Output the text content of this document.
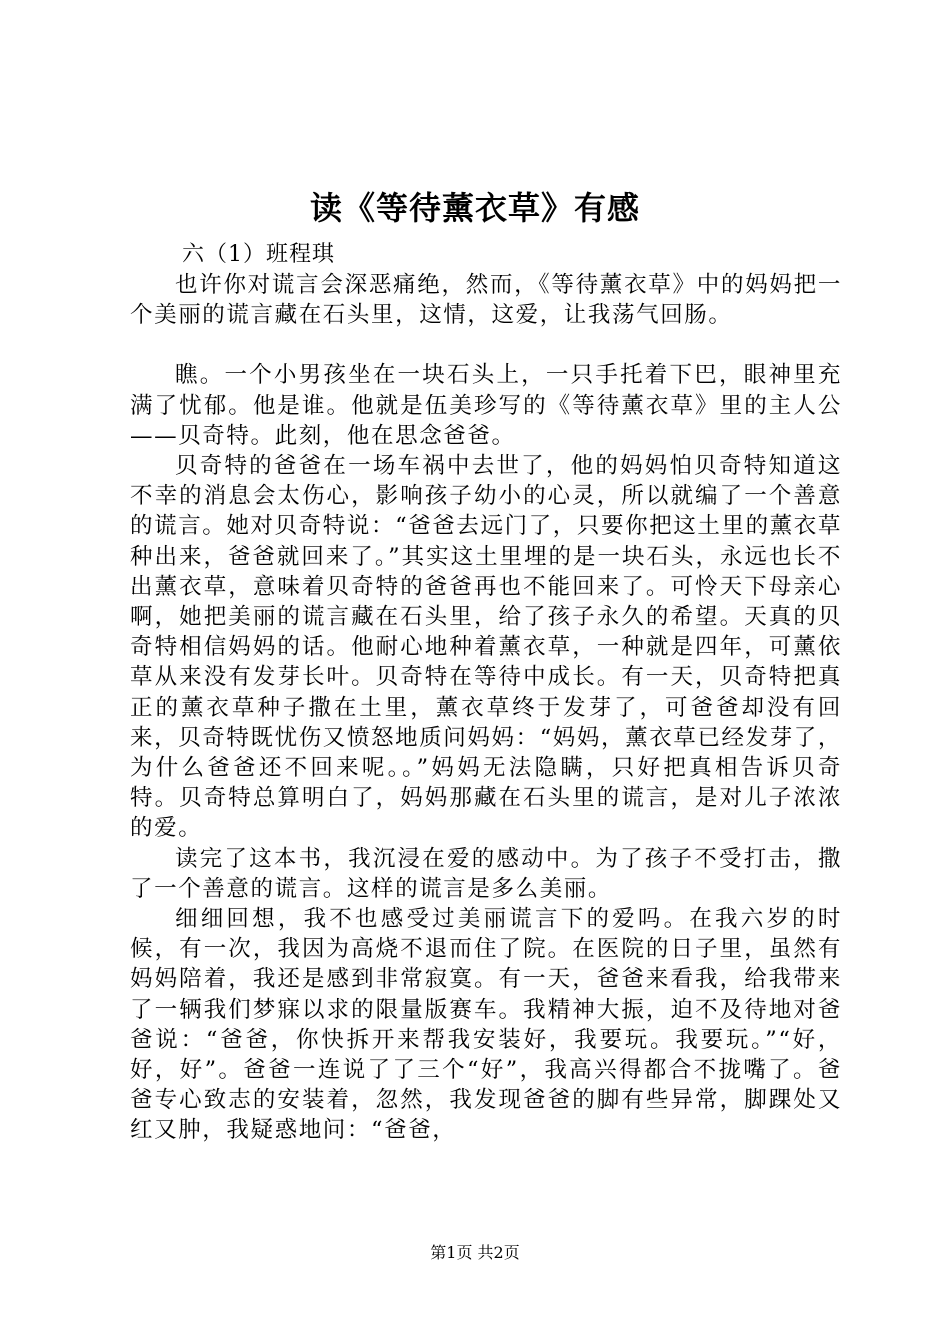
读《等待薰衣草》有感
六（1）班程琪

也许你对谎言会深恶痛绝，然而，《等待薰衣草》中的妈妈把一个美丽的谎言藏在石头里，这情，这爱，让我荡气回肠。

瞧。一个小男孩坐在一块石头上，一只手托着下巴，眼神里充满了忧郁。他是谁。他就是伍美珍写的《等待薰衣草》里的主人公——贝奇特。此刻，他在思念爸爸。

贝奇特的爸爸在一场车祸中去世了，他的妈妈怕贝奇特知道这不幸的消息会太伤心，影响孩子幼小的心灵，所以就编了一个善意的谎言。她对贝奇特说：“爸爸去远门了，只要你把这土里的薰衣草种出来，爸爸就回来了。”其实这土里埋的是一块石头，永远也长不出薰衣草，意味着贝奇特的爸爸再也不能回来了。可怜天下母亲心啊，她把美丽的谎言藏在石头里，给了孩子永久的希望。天真的贝奇特相信妈妈的话。他耐心地种着薰衣草，一种就是四年，可薰依草从来没有发芽长叶。贝奇特在等待中成长。有一天，贝奇特把真正的薰衣草种子撒在土里，薰衣草终于发芽了，可爸爸却没有回来，贝奇特既忧伤又愤怒地质问妈妈：“妈妈，薰衣草已经发芽了，为什么爸爸还不回来呢。。”妈妈无法隐瞒，只好把真相告诉贝奇特。贝奇特总算明白了，妈妈那藏在石头里的谎言，是对儿子浓浓的爱。

读完了这本书，我沉浸在爱的感动中。为了孩子不受打击，撒了一个善意的谎言。这样的谎言是多么美丽。

细细回想，我不也感受过美丽谎言下的爱吗。在我六岁的时候，有一次，我因为高烧不退而住了院。在医院的日子里，虽然有妈妈陪着，我还是感到非常寂寞。有一天，爸爸来看我，给我带来了一辆我们梦寐以求的限量版赛车。我精神大振，迫不及待地对爸爸说：“爸爸，你快拆开来帮我安装好，我要玩。我要玩。”“好，好，好”。爸爸一连说了了三个“好”，我高兴得都合不拢嘴了。爸爸专心致志的安装着，忽然，我发现爸爸的脚有些异常，脚踝处又红又肿，我疑惑地问：“爸爸，

第1页 共2页
